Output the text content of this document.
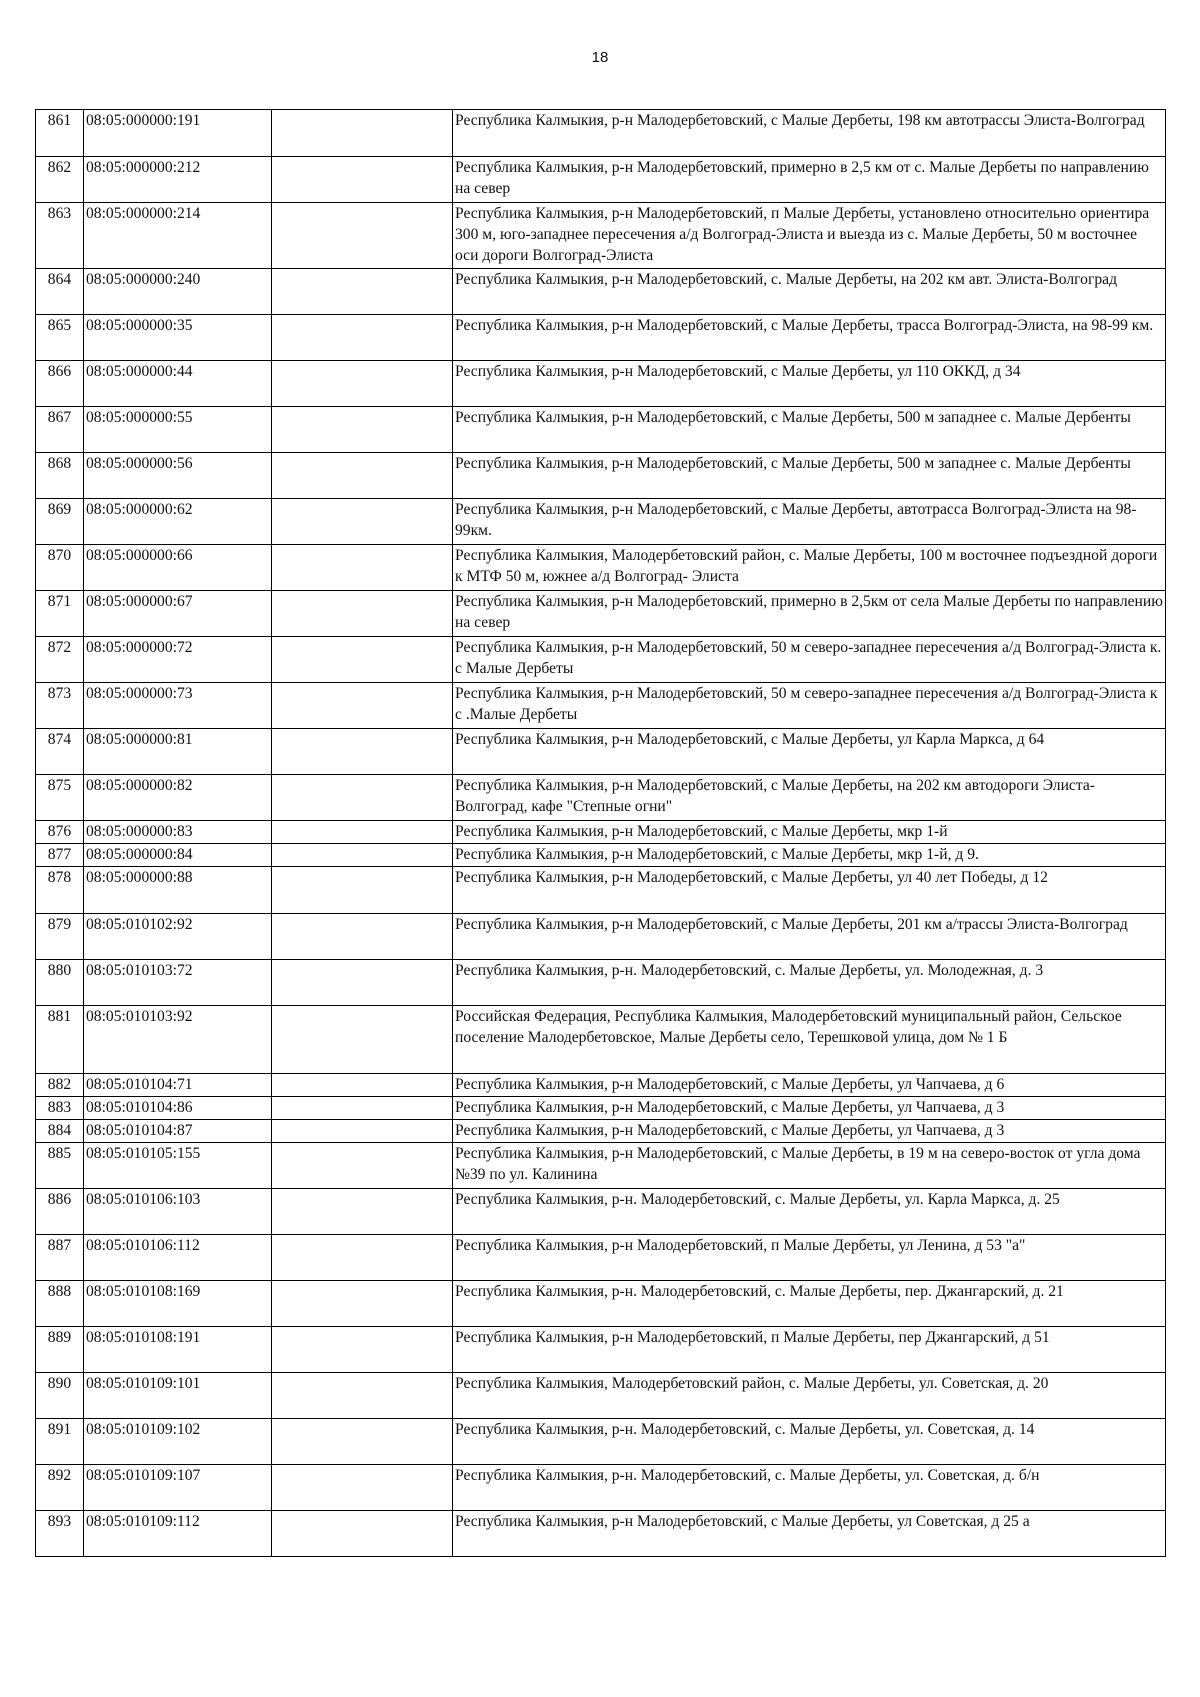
18
861	08:05:000000:191		Республика Калмыкия, р-н Малодербетовский, с Малые Дербеты, 198 км автотрассы Элиста-Волгоград
862	08:05:000000:212		Республика Калмыкия, р-н Малодербетовский, примерно в 2,5 км от с. Малые Дербеты по направлению на север
863	08:05:000000:214		Республика Калмыкия, р-н Малодербетовский, п Малые Дербеты, установлено относительно ориентира 300 м, юго-западнее пересечения а/д Волгоград-Элиста и выезда из с. Малые Дербеты, 50 м восточнее оси дороги Волгоград-Элиста
864	08:05:000000:240		Республика Калмыкия, р-н Малодербетовский, с. Малые Дербеты, на 202 км авт. Элиста-Волгоград
865	08:05:000000:35		Республика Калмыкия, р-н Малодербетовский, с Малые Дербеты, трасса Волгоград-Элиста, на 98-99 км.
866	08:05:000000:44		Республика Калмыкия, р-н Малодербетовский, с Малые Дербеты, ул 110 ОККД, д 34
867	08:05:000000:55		Республика Калмыкия, р-н Малодербетовский, с Малые Дербеты, 500 м западнее с. Малые Дербенты
868	08:05:000000:56		Республика Калмыкия, р-н Малодербетовский, с Малые Дербеты, 500 м западнее с. Малые Дербенты
869	08:05:000000:62		Республика Калмыкия, р-н Малодербетовский, с Малые Дербеты, автотрасса Волгоград-Элиста на 98-99км.
870	08:05:000000:66		Республика Калмыкия, Малодербетовский район, с. Малые Дербеты, 100 м восточнее подъездной дороги к МТФ 50 м, южнее а/д Волгоград- Элиста
871	08:05:000000:67		Республика Калмыкия, р-н Малодербетовский, примерно в 2,5км от села Малые Дербеты по направлению на север
872	08:05:000000:72		Республика Калмыкия, р-н Малодербетовский, 50 м северо-западнее пересечения а/д Волгоград-Элиста к. с Малые Дербеты
873	08:05:000000:73		Республика Калмыкия, р-н Малодербетовский, 50 м северо-западнее пересечения а/д Волгоград-Элиста к с .Малые Дербеты
874	08:05:000000:81		Республика Калмыкия, р-н Малодербетовский, с Малые Дербеты, ул Карла Маркса, д 64
875	08:05:000000:82		Республика Калмыкия, р-н Малодербетовский, с Малые Дербеты, на 202 км автодороги Элиста-Волгоград, кафе "Степные огни"
876	08:05:000000:83		Республика Калмыкия, р-н Малодербетовский, с Малые Дербеты, мкр 1-й
877	08:05:000000:84		Республика Калмыкия, р-н Малодербетовский, с Малые Дербеты, мкр 1-й, д 9.
878	08:05:000000:88		Республика Калмыкия, р-н Малодербетовский, с Малые Дербеты, ул 40 лет Победы, д 12
879	08:05:010102:92		Республика Калмыкия, р-н Малодербетовский, с Малые Дербеты, 201 км а/трассы Элиста-Волгоград
880	08:05:010103:72		Республика Калмыкия, р-н. Малодербетовский, с. Малые Дербеты, ул. Молодежная, д. 3
881	08:05:010103:92		Российская Федерация, Республика Калмыкия, Малодербетовский муниципальный район, Сельское поселение Малодербетовское, Малые Дербеты село, Терешковой улица, дом № 1 Б
882	08:05:010104:71		Республика Калмыкия, р-н Малодербетовский, с Малые Дербеты, ул Чапчаева, д 6
883	08:05:010104:86		Республика Калмыкия, р-н Малодербетовский, с Малые Дербеты, ул Чапчаева, д 3
884	08:05:010104:87		Республика Калмыкия, р-н Малодербетовский, с Малые Дербеты, ул Чапчаева, д 3
885	08:05:010105:155		Республика Калмыкия, р-н Малодербетовский, с Малые Дербеты, в 19 м на северо-восток от угла дома №39 по ул. Калинина
886	08:05:010106:103		Республика Калмыкия, р-н. Малодербетовский, с. Малые Дербеты, ул. Карла Маркса, д. 25
887	08:05:010106:112		Республика Калмыкия, р-н Малодербетовский, п Малые Дербеты, ул Ленина, д 53 "а"
888	08:05:010108:169		Республика Калмыкия, р-н. Малодербетовский, с. Малые Дербеты, пер. Джангарский, д. 21
889	08:05:010108:191		Республика Калмыкия, р-н Малодербетовский, п Малые Дербеты, пер Джангарский, д 51
890	08:05:010109:101		Республика Калмыкия, Малодербетовский район, с. Малые Дербеты, ул. Советская, д. 20
891	08:05:010109:102		Республика Калмыкия, р-н. Малодербетовский, с. Малые Дербеты, ул. Советская, д. 14
892	08:05:010109:107		Республика Калмыкия, р-н. Малодербетовский, с. Малые Дербеты, ул. Советская, д. б/н
893	08:05:010109:112		Республика Калмыкия, р-н Малодербетовский, с Малые Дербеты, ул Советская, д 25 а
